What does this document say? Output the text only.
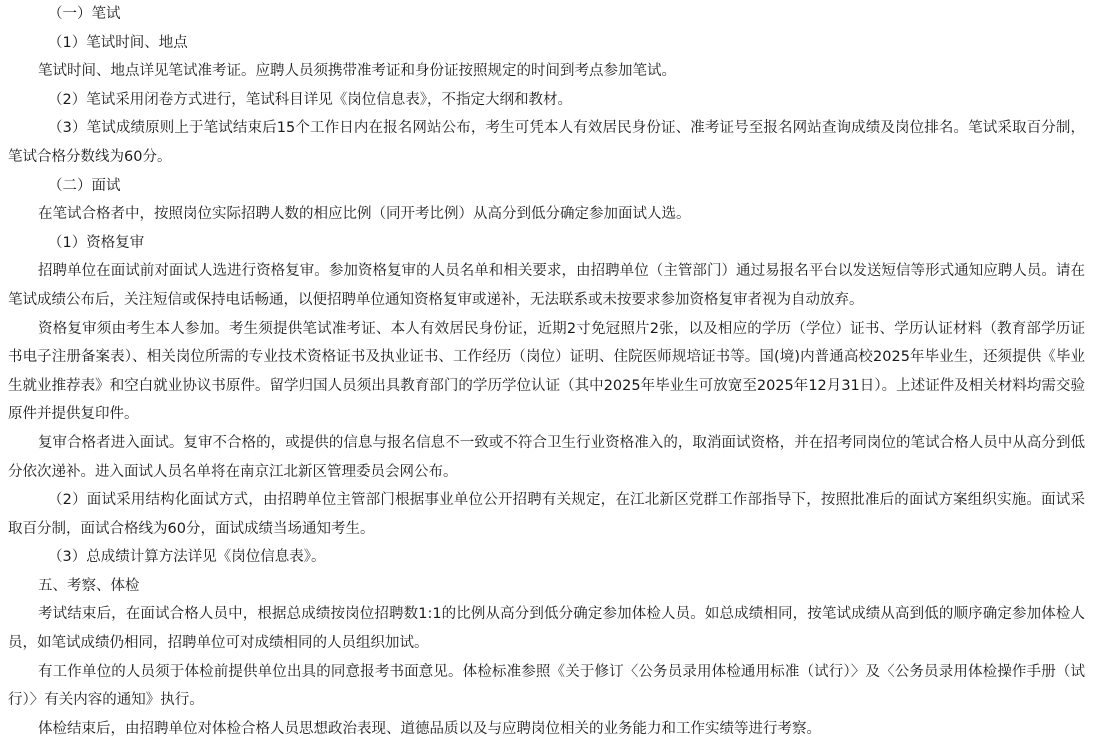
（一）笔试

（1）笔试时间、地点

笔试时间、地点详见笔试准考证。应聘人员须携带准考证和身份证按照规定的时间到考点参加笔试。

（2）笔试采用闭卷方式进行，笔试科目详见《岗位信息表》，不指定大纲和教材。

（3）笔试成绩原则上于笔试结束后15个工作日内在报名网站公布，考生可凭本人有效居民身份证、准考证号至报名网站查询成绩及岗位排名。笔试采取百分制，笔试合格分数线为60分。

（二）面试

在笔试合格者中，按照岗位实际招聘人数的相应比例（同开考比例）从高分到低分确定参加面试人选。

（1）资格复审

招聘单位在面试前对面试人选进行资格复审。参加资格复审的人员名单和相关要求，由招聘单位（主管部门）通过易报名平台以发送短信等形式通知应聘人员。请在笔试成绩公布后，关注短信或保持电话畅通，以便招聘单位通知资格复审或递补，无法联系或未按要求参加资格复审者视为自动放弃。

资格复审须由考生本人参加。考生须提供笔试准考证、本人有效居民身份证，近期2寸免冠照片2张，以及相应的学历（学位）证书、学历认证材料（教育部学历证书电子注册备案表）、相关岗位所需的专业技术资格证书及执业证书、工作经历（岗位）证明、住院医师规培证书等。国(境)内普通高校2025年毕业生，还须提供《毕业生就业推荐表》和空白就业协议书原件。留学归国人员须出具教育部门的学历学位认证（其中2025年毕业生可放宽至2025年12月31日）。上述证件及相关材料均需交验原件并提供复印件。

复审合格者进入面试。复审不合格的，或提供的信息与报名信息不一致或不符合卫生行业资格准入的，取消面试资格，并在招考同岗位的笔试合格人员中从高分到低分依次递补。进入面试人员名单将在南京江北新区管理委员会网公布。

（2）面试采用结构化面试方式，由招聘单位主管部门根据事业单位公开招聘有关规定，在江北新区党群工作部指导下，按照批准后的面试方案组织实施。面试采取百分制，面试合格线为60分，面试成绩当场通知考生。

（3）总成绩计算方法详见《岗位信息表》。

五、考察、体检

考试结束后，在面试合格人员中，根据总成绩按岗位招聘数1:1的比例从高分到低分确定参加体检人员。如总成绩相同，按笔试成绩从高到低的顺序确定参加体检人员，如笔试成绩仍相同，招聘单位可对成绩相同的人员组织加试。

有工作单位的人员须于体检前提供单位出具的同意报考书面意见。体检标准参照《关于修订〈公务员录用体检通用标准（试行）〉及〈公务员录用体检操作手册（试行）〉有关内容的通知》执行。

体检结束后，由招聘单位对体检合格人员思想政治表现、道德品质以及与应聘岗位相关的业务能力和工作实绩等进行考察。
